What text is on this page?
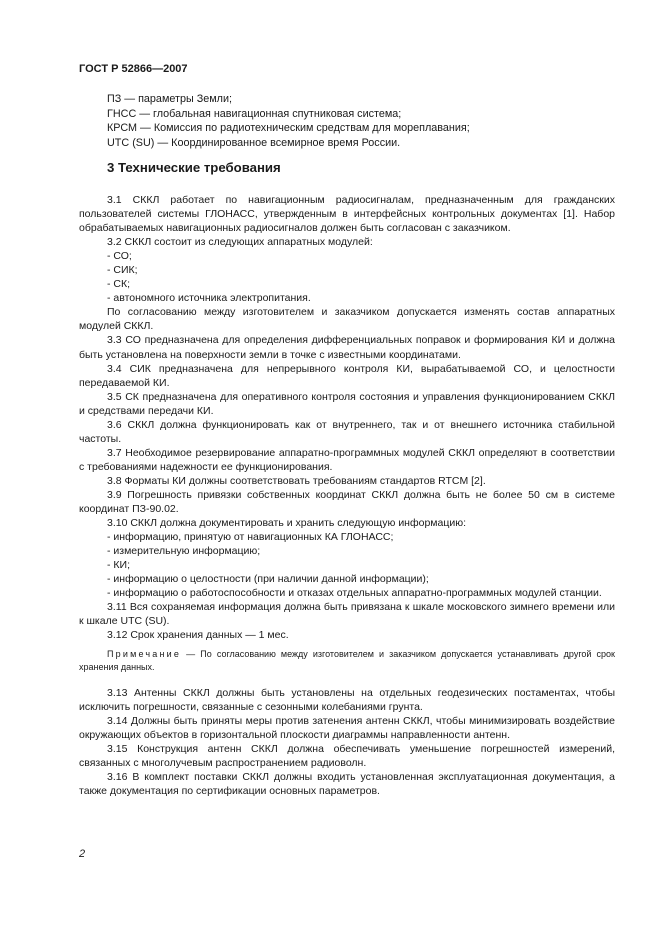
ГОСТ Р 52866—2007
ПЗ — параметры Земли;
ГНСС — глобальная навигационная спутниковая система;
КРСМ — Комиссия по радиотехническим средствам для мореплавания;
UTC (SU) — Координированное всемирное время России.
3 Технические требования

3.1 СККЛ работает по навигационным радиосигналам, предназначенным для гражданских пользователей системы ГЛОНАСС, утвержденным в интерфейсных контрольных документах [1]. Набор обрабатываемых навигационных радиосигналов должен быть согласован с заказчиком.

3.2 СККЛ состоит из следующих аппаратных модулей:

- СО;

- СИК;

- СК;

- автономного источника электропитания.

По согласованию между изготовителем и заказчиком допускается изменять состав аппаратных модулей СККЛ.

3.3 СО предназначена для определения дифференциальных поправок и формирования КИ и должна быть установлена на поверхности земли в точке с известными координатами.

3.4 СИК предназначена для непрерывного контроля КИ, вырабатываемой СО, и целостности передаваемой КИ.

3.5 СК предназначена для оперативного контроля состояния и управления функционированием СККЛ и средствами передачи КИ.

3.6 СККЛ должна функционировать как от внутреннего, так и от внешнего источника стабильной частоты.

3.7 Необходимое резервирование аппаратно-программных модулей СККЛ определяют в соответствии с требованиями надежности ее функционирования.

3.8 Форматы КИ должны соответствовать требованиям стандартов RTCM [2].

3.9 Погрешность привязки собственных координат СККЛ должна быть не более 50 см в системе координат ПЗ-90.02.

3.10 СККЛ должна документировать и хранить следующую информацию:

- информацию, принятую от навигационных КА ГЛОНАСС;

- измерительную информацию;

- КИ;

- информацию о целостности (при наличии данной информации);

- информацию о работоспособности и отказах отдельных аппаратно-программных модулей станции.

3.11 Вся сохраняемая информация должна быть привязана к шкале московского зимнего времени или к шкале UTC (SU).

3.12 Срок хранения данных — 1 мес.

Примечание — По согласованию между изготовителем и заказчиком допускается устанавливать другой срок хранения данных.

3.13 Антенны СККЛ должны быть установлены на отдельных геодезических постаментах, чтобы исключить погрешности, связанные с сезонными колебаниями грунта.

3.14 Должны быть приняты меры против затенения антенн СККЛ, чтобы минимизировать воздействие окружающих объектов в горизонтальной плоскости диаграммы направленности антенн.

3.15 Конструкция антенн СККЛ должна обеспечивать уменьшение погрешностей измерений, связанных с многолучевым распространением радиоволн.

3.16 В комплект поставки СККЛ должны входить установленная эксплуатационная документация, а также документация по сертификации основных параметров.

2
